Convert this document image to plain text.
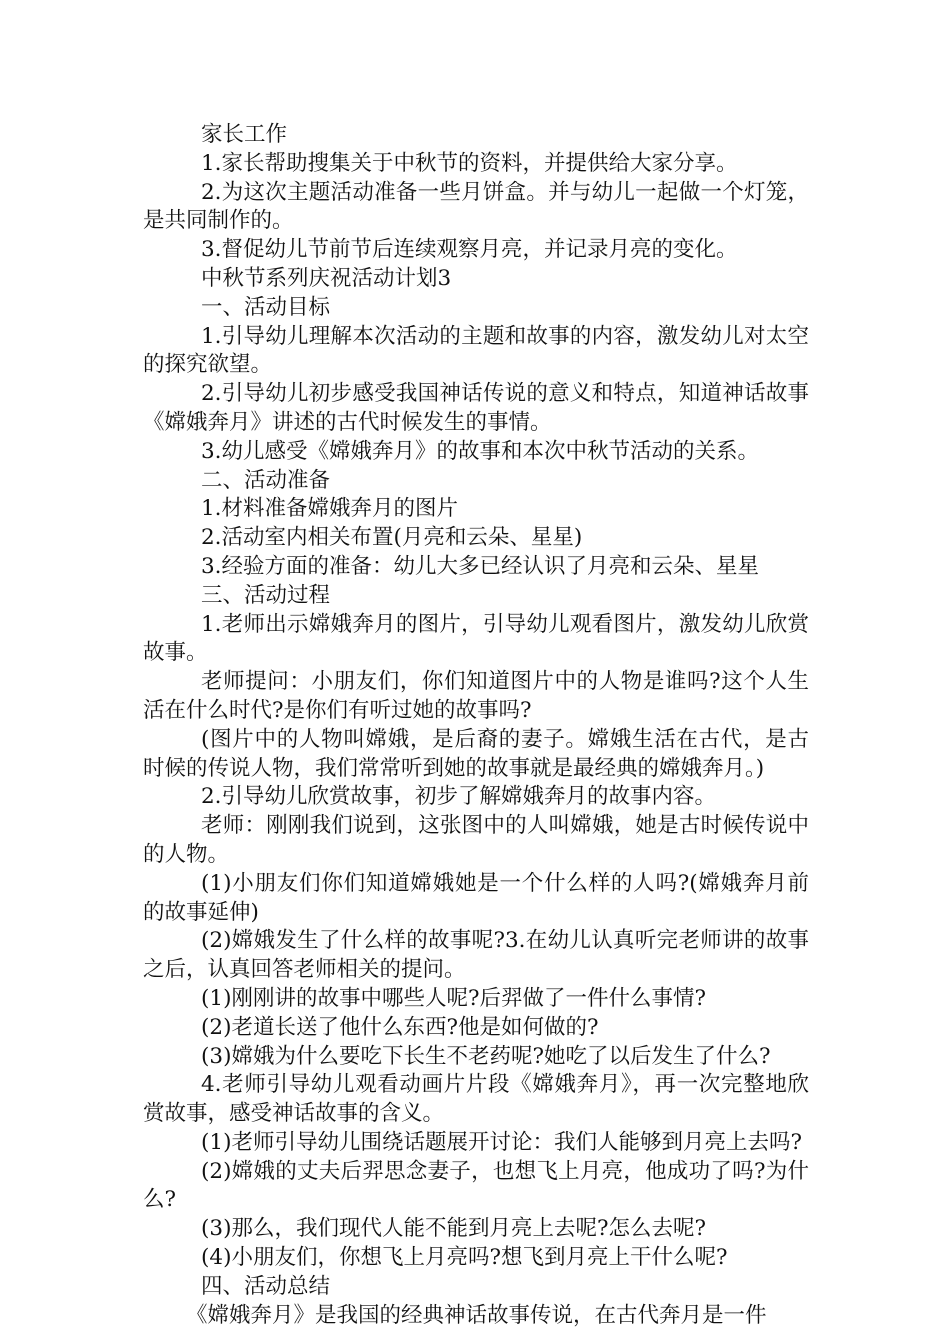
家长工作

1.家长帮助搜集关于中秋节的资料，并提供给大家分享。

2.为这次主题活动准备一些月饼盒。并与幼儿一起做一个灯笼，是共同制作的。

3.督促幼儿节前节后连续观察月亮，并记录月亮的变化。

中秋节系列庆祝活动计划3

一、活动目标

1.引导幼儿理解本次活动的主题和故事的内容，激发幼儿对太空的探究欲望。

2.引导幼儿初步感受我国神话传说的意义和特点，知道神话故事《嫦娥奔月》讲述的古代时候发生的事情。

3.幼儿感受《嫦娥奔月》的故事和本次中秋节活动的关系。

二、活动准备

1.材料准备嫦娥奔月的图片

2.活动室内相关布置(月亮和云朵、星星)

3.经验方面的准备：幼儿大多已经认识了月亮和云朵、星星

三、活动过程

1.老师出示嫦娥奔月的图片，引导幼儿观看图片，激发幼儿欣赏故事。

老师提问：小朋友们，你们知道图片中的人物是谁吗?这个人生活在什么时代?是你们有听过她的故事吗?

(图片中的人物叫嫦娥，是后裔的妻子。嫦娥生活在古代，是古时候的传说人物，我们常常听到她的故事就是最经典的嫦娥奔月。)

2.引导幼儿欣赏故事，初步了解嫦娥奔月的故事内容。

老师：刚刚我们说到，这张图中的人叫嫦娥，她是古时候传说中的人物。

(1)小朋友们你们知道嫦娥她是一个什么样的人吗?(嫦娥奔月前的故事延伸)

(2)嫦娥发生了什么样的故事呢?3.在幼儿认真听完老师讲的故事之后，认真回答老师相关的提问。

(1)刚刚讲的故事中哪些人呢?后羿做了一件什么事情?

(2)老道长送了他什么东西?他是如何做的?

(3)嫦娥为什么要吃下长生不老药呢?她吃了以后发生了什么?

4.老师引导幼儿观看动画片片段《嫦娥奔月》，再一次完整地欣赏故事，感受神话故事的含义。

(1)老师引导幼儿围绕话题展开讨论：我们人能够到月亮上去吗?

(2)嫦娥的丈夫后羿思念妻子，也想飞上月亮，他成功了吗?为什么?

(3)那么，我们现代人能不能到月亮上去呢?怎么去呢?

(4)小朋友们，你想飞上月亮吗?想飞到月亮上干什么呢?

四、活动总结

《嫦娥奔月》是我国的经典神话故事传说，在古代奔月是一件
